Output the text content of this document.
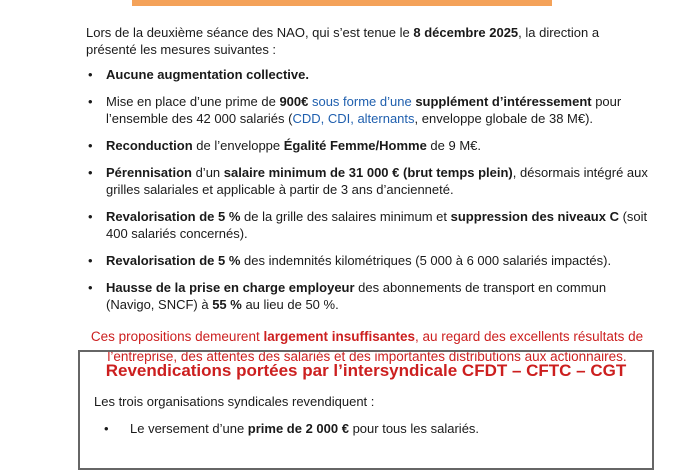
Lors de la deuxième séance des NAO, qui s’est tenue le 8 décembre 2025, la direction a présenté les mesures suivantes :

• Aucune augmentation collective.
• Mise en place d’une prime de 900€ sous forme d’une supplément d’intéressement pour l’ensemble des 42 000 salariés (CDD, CDI, alternants, enveloppe globale de 38 M€).
• Reconduction de l’enveloppe Égalité Femme/Homme de 9 M€.
• Pérennisation d’un salaire minimum de 31 000 € (brut temps plein), désormais intégré aux grilles salariales et applicable à partir de 3 ans d’ancienneté.
• Revalorisation de 5 % de la grille des salaires minimum et suppression des niveaux C (soit 400 salariés concernés).
• Revalorisation de 5 % des indemnités kilométriques (5 000 à 6 000 salariés impactés).
• Hausse de la prise en charge employeur des abonnements de transport en commun (Navigo, SNCF) à 55 % au lieu de 50 %.

Ces propositions demeurent largement insuffisantes, au regard des excellents résultats de l’entreprise, des attentes des salariés et des importantes distributions aux actionnaires.

Revendications portées par l’intersyndicale CFDT – CFTC – CGT
Les trois organisations syndicales revendiquent :
• Le versement d’une prime de 2 000 € pour tous les salariés.
